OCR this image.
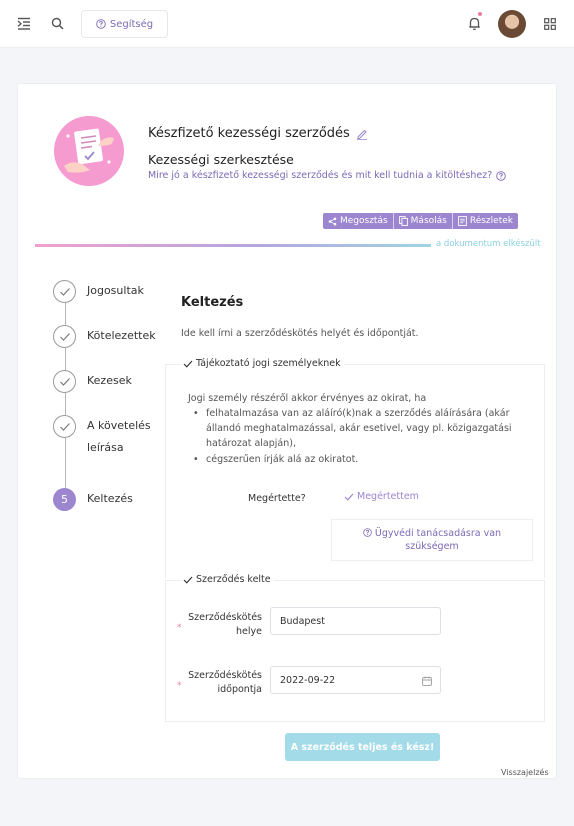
Segítség
Készfizető kezességi szerződés
Kezességi szerkesztése
Mire jó a készfizető kezességi szerződés és mit kell tudnia a kitöltéshez?
Megosztás	Másolás	Részletek
a dokumentum elkészült
Jogosultak
Kötelezettek
Kezesek
A követelés leírása
5	Keltezés
Keltezés
Ide kell írni a szerződéskötés helyét és időpontját.
Tájékoztató jogi személyeknek
Jogi személy részéről akkor érvényes az okirat, ha
• felhatalmazása van az aláíró(k)nak a szerződés aláírására (akár állandó meghatalmazással, akár esetivel, vagy pl. közigazgatási határozat alapján),
• cégszerűen írják alá az okiratot.
Megértette?	Megértettem
Ügyvédi tanácsadásra van szükségem
Szerződés kelte
*
Szerződéskötés helye
Budapest
*
Szerződéskötés időpontja
2022-09-22
A szerződés teljes és kész!
Visszajelzés
